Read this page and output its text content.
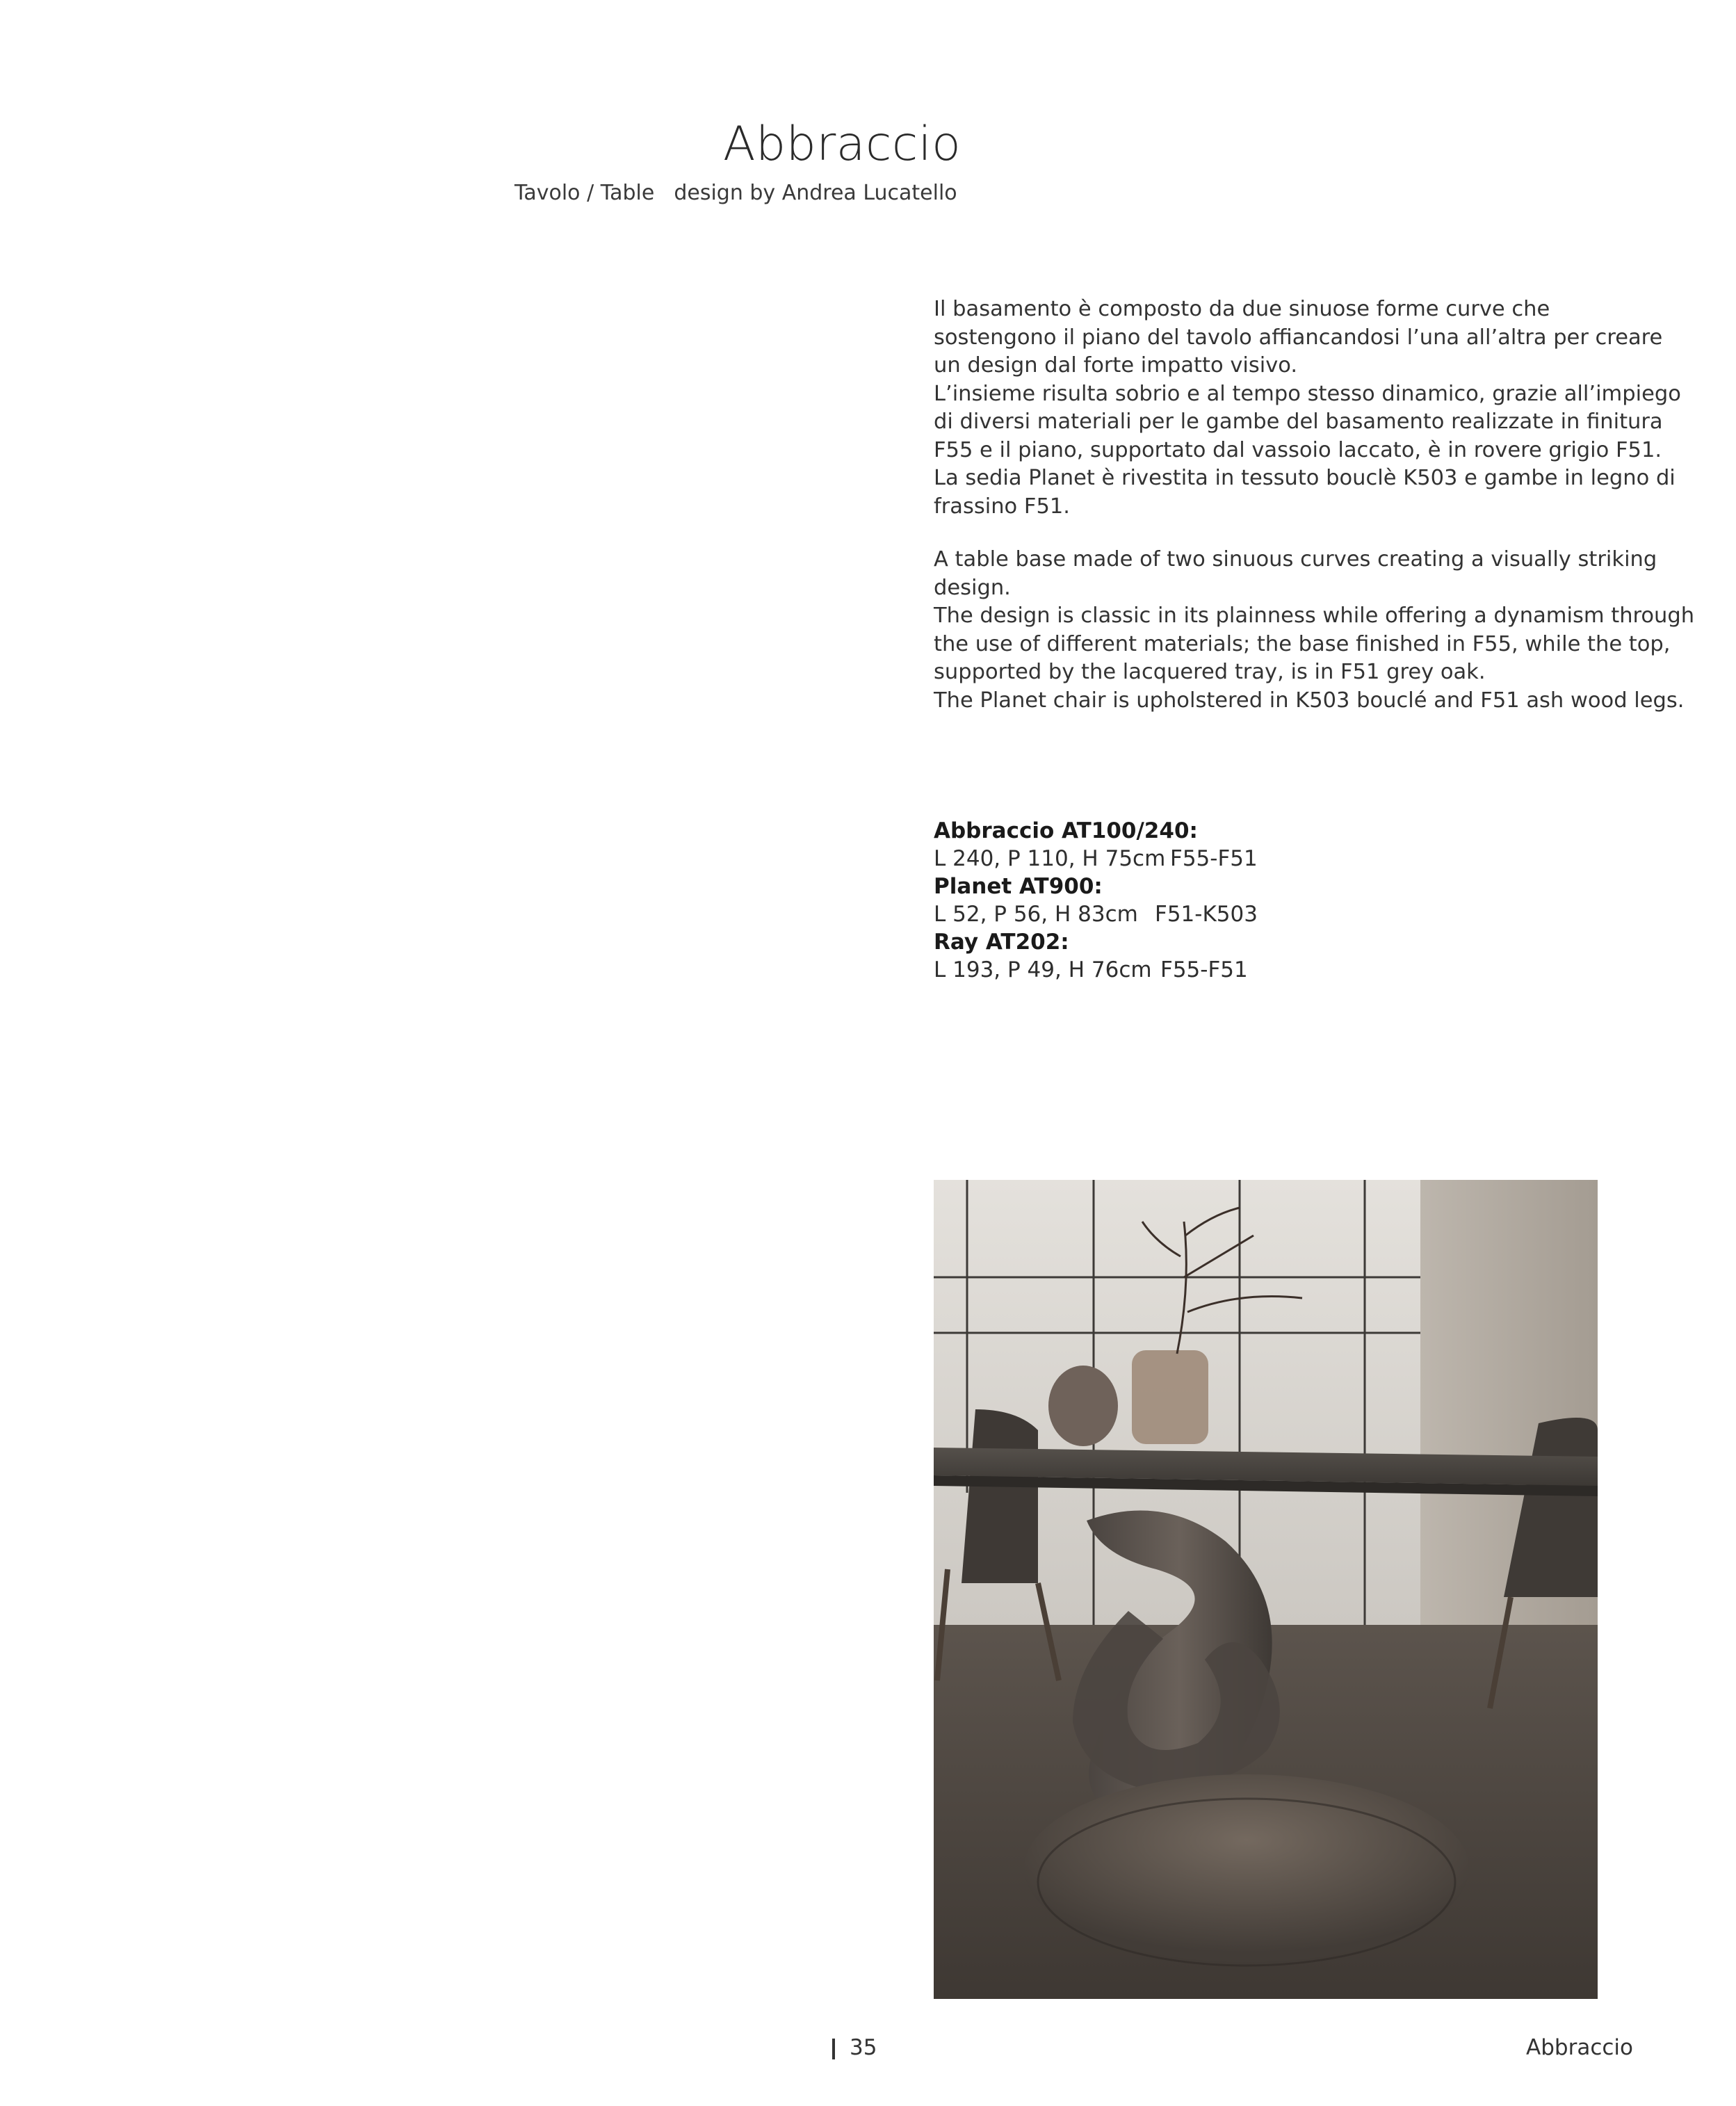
Abbraccio
Tavolo / Table design by Andrea Lucatello

Il basamento è composto da due sinuose forme curve che

sostengono il piano del tavolo affiancandosi l’una all’altra per creare

un design dal forte impatto visivo.

L’insieme risulta sobrio e al tempo stesso dinamico, grazie all’impiego

di diversi materiali per le gambe del basamento realizzate in finitura

F55 e il piano, supportato dal vassoio laccato, è in rovere grigio F51.

La sedia Planet è rivestita in tessuto bouclè K503 e gambe in legno di

frassino F51.

A table base made of two sinuous curves creating a visually striking

design.

The design is classic in its plainness while offering a dynamism through

the use of different materials; the base finished in F55, while the top,

supported by the lacquered tray, is in F51 grey oak.

The Planet chair is upholstered in K503 bouclé and F51 ash wood legs.

Abbraccio AT100/240:
L 240, P 110, H 75cm F55-F51
Planet AT900:
L 52, P 56, H 83cm F51-K503
Ray AT202:
L 193, P 49, H 76cm F55-F51
35	Abbraccio
